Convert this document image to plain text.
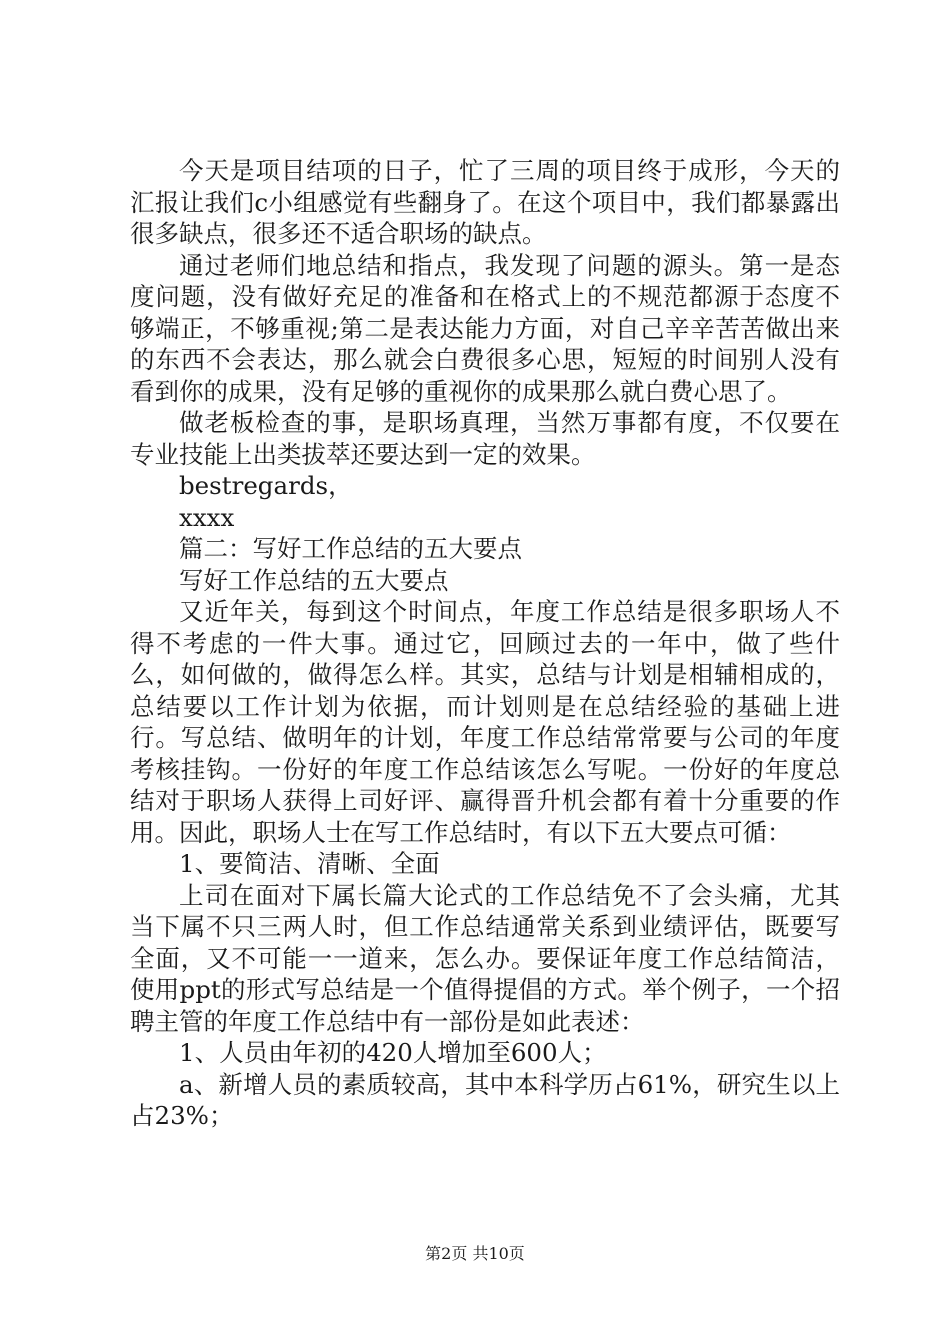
今天是项目结项的日子，忙了三周的项目终于成形，今天的汇报让我们c小组感觉有些翻身了。在这个项目中，我们都暴露出很多缺点，很多还不适合职场的缺点。

通过老师们地总结和指点，我发现了问题的源头。第一是态度问题，没有做好充足的准备和在格式上的不规范都源于态度不够端正，不够重视;第二是表达能力方面，对自己辛辛苦苦做出来的东西不会表达，那么就会白费很多心思，短短的时间别人没有看到你的成果，没有足够的重视你的成果那么就白费心思了。

做老板检查的事，是职场真理，当然万事都有度，不仅要在专业技能上出类拔萃还要达到一定的效果。

bestregards，

xxxx

篇二：写好工作总结的五大要点

写好工作总结的五大要点

又近年关，每到这个时间点，年度工作总结是很多职场人不得不考虑的一件大事。通过它，回顾过去的一年中，做了些什么，如何做的，做得怎么样。其实，总结与计划是相辅相成的，总结要以工作计划为依据，而计划则是在总结经验的基础上进行。写总结、做明年的计划，年度工作总结常常要与公司的年度考核挂钩。一份好的年度工作总结该怎么写呢。一份好的年度总结对于职场人获得上司好评、赢得晋升机会都有着十分重要的作用。因此，职场人士在写工作总结时，有以下五大要点可循：

1、要简洁、清晰、全面

上司在面对下属长篇大论式的工作总结免不了会头痛，尤其当下属不只三两人时，但工作总结通常关系到业绩评估，既要写全面，又不可能一一道来，怎么办。要保证年度工作总结简洁，使用ppt的形式写总结是一个值得提倡的方式。举个例子，一个招聘主管的年度工作总结中有一部份是如此表述：

1、人员由年初的420人增加至600人；

a、新增人员的素质较高，其中本科学历占61%，研究生以上占23%；

第2页 共10页
